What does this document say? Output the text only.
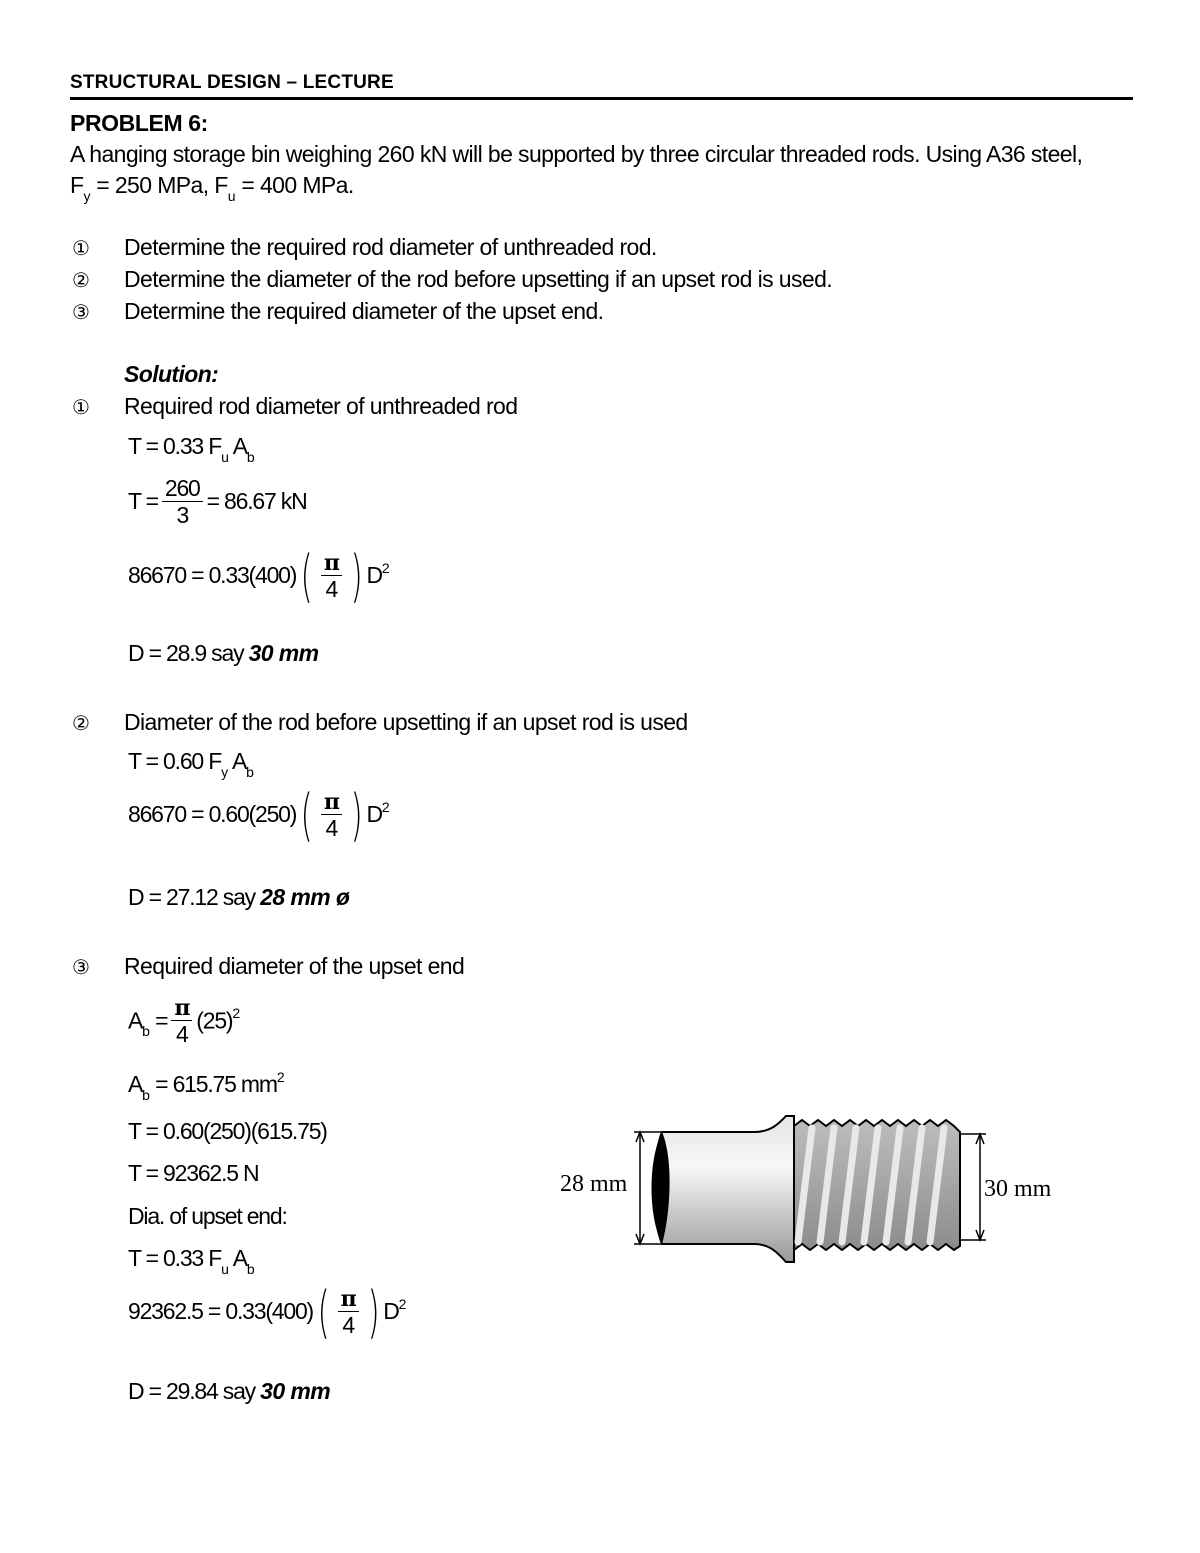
STRUCTURAL DESIGN – LECTURE
PROBLEM 6:
A hanging storage bin weighing 260 kN will be supported by three circular threaded rods. Using A36 steel,
$F_y = 250$ MPa, $F_u = 400$ MPa.
① Determine the required rod diameter of unthreaded rod.
② Determine the diameter of the rod before upsetting if an upset rod is used.
③ Determine the required diameter of the upset end.
Solution:
① Required rod diameter of unthreaded rod
T = 0.33 $F_u$ $A_b$
$T = \frac{260}{3} = 86.67$ kN
$86670 = 0.33(400)( \frac{\pi}{4}$ ) $D^2$
D = 28.9 say 30 mm
② Diameter of the rod before upsetting if an upset rod is used
T = 0.60 $F_y$ $A_b$
$86670 = 0.60(250)( \frac{\pi}{4}$ ) $D^2$
D = 27.12 say 28 mm ø
③ Required diameter of the upset end
$A_b = \frac{\pi}{4} (25)^2$
$A_b = 615.75$ $mm^2$
T = 0.60(250)(615.75)
T = 92362.5 N
Dia. of upset end:
T = 0.33 $F_u$ $A_b$
$92362.5 = 0.33(400)( \frac{\pi}{4}$ ) $D^2$
D = 29.84 say 30 mm
28 mm	30 mm
